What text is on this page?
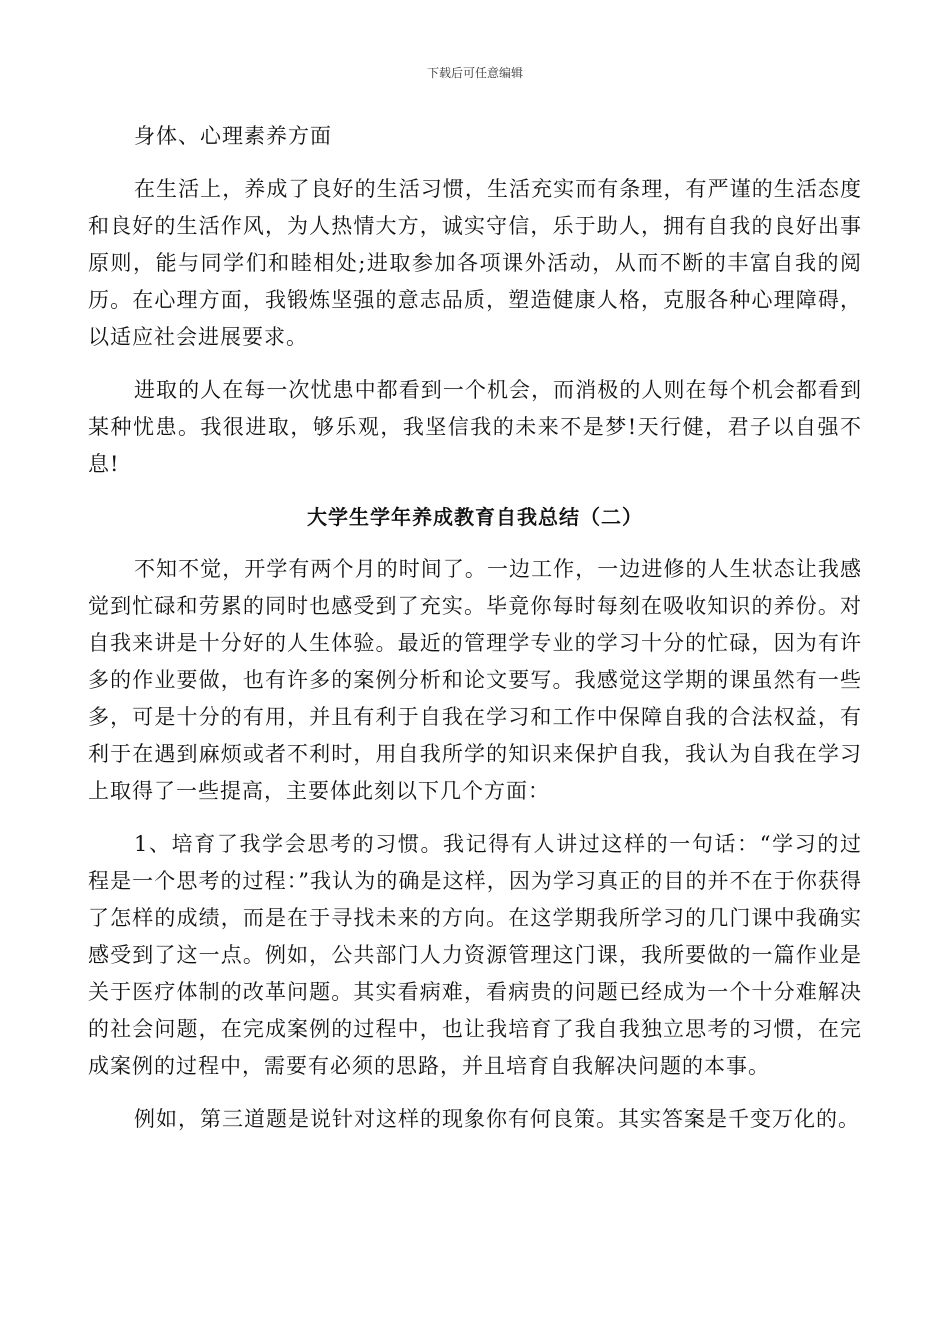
下载后可任意编辑

身体、心理素养方面

在生活上，养成了良好的生活习惯，生活充实而有条理，有严谨的生活态度和良好的生活作风，为人热情大方，诚实守信，乐于助人，拥有自我的良好出事原则，能与同学们和睦相处;进取参加各项课外活动，从而不断的丰富自我的阅历。在心理方面，我锻炼坚强的意志品质，塑造健康人格，克服各种心理障碍，以适应社会进展要求。

进取的人在每一次忧患中都看到一个机会，而消极的人则在每个机会都看到某种忧患。我很进取，够乐观，我坚信我的未来不是梦!天行健，君子以自强不息!

大学生学年养成教育自我总结（二）

不知不觉，开学有两个月的时间了。一边工作，一边进修的人生状态让我感觉到忙碌和劳累的同时也感受到了充实。毕竟你每时每刻在吸收知识的养份。对自我来讲是十分好的人生体验。最近的管理学专业的学习十分的忙碌，因为有许多的作业要做，也有许多的案例分析和论文要写。我感觉这学期的课虽然有一些多，可是十分的有用，并且有利于自我在学习和工作中保障自我的合法权益，有利于在遇到麻烦或者不利时，用自我所学的知识来保护自我，我认为自我在学习上取得了一些提高，主要体此刻以下几个方面：

1、培育了我学会思考的习惯。我记得有人讲过这样的一句话：“学习的过程是一个思考的过程：”我认为的确是这样，因为学习真正的目的并不在于你获得了怎样的成绩，而是在于寻找未来的方向。在这学期我所学习的几门课中我确实感受到了这一点。例如，公共部门人力资源管理这门课，我所要做的一篇作业是关于医疗体制的改革问题。其实看病难，看病贵的问题已经成为一个十分难解决的社会问题，在完成案例的过程中，也让我培育了我自我独立思考的习惯，在完成案例的过程中，需要有必须的思路，并且培育自我解决问题的本事。

例如，第三道题是说针对这样的现象你有何良策。其实答案是千变万化的。
